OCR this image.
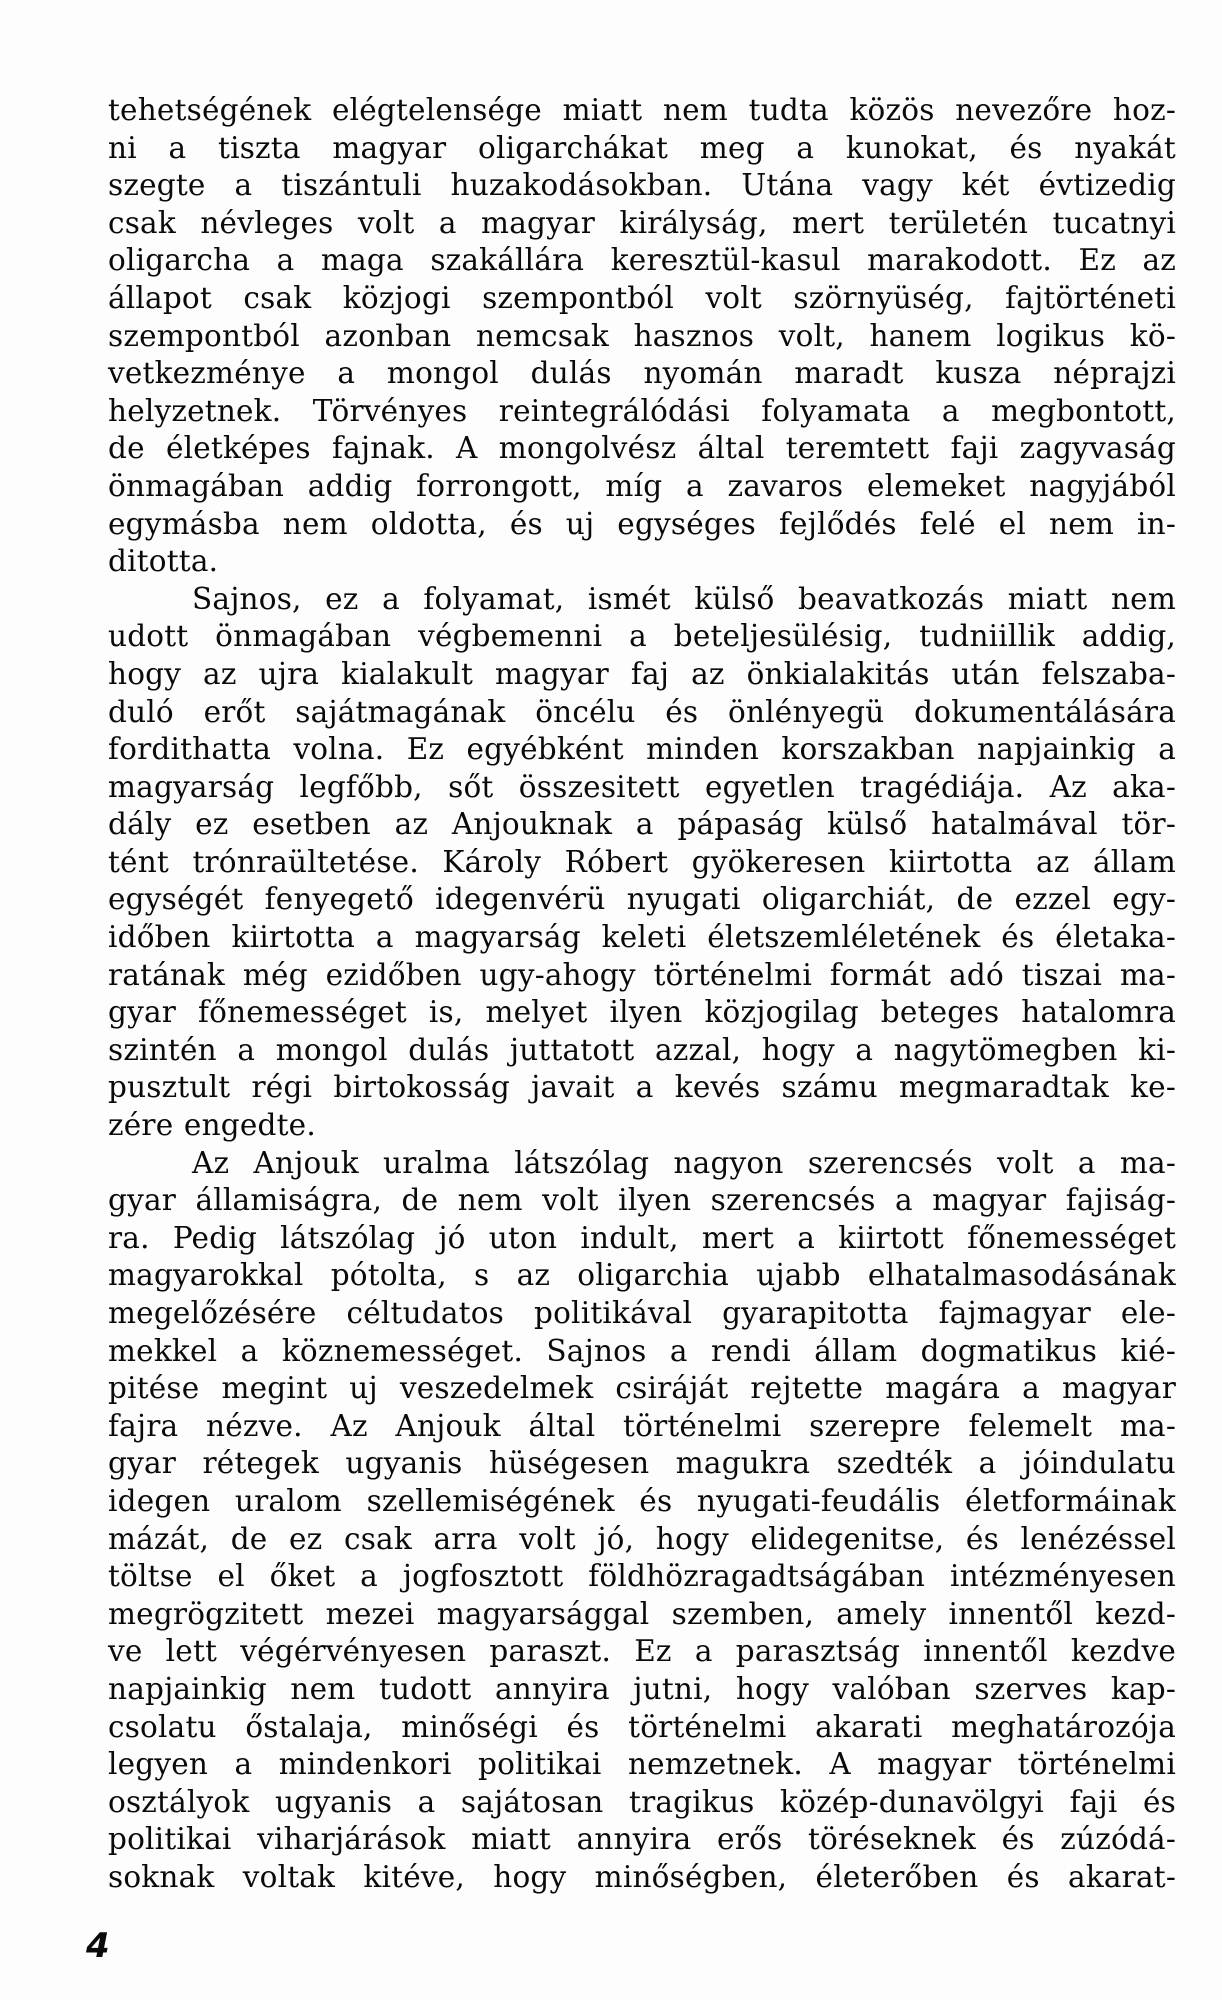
tehetségének elégtelensége miatt nem tudta közös nevezőre hoz-
ni a tiszta magyar oligarchákat meg a kunokat, és nyakát
szegte a tiszántuli huzakodásokban. Utána vagy két évtizedig
csak névleges volt a magyar királyság, mert területén tucatnyi
oligarcha a maga szakállára keresztül-kasul marakodott. Ez az
állapot csak közjogi szempontból volt szörnyüség, fajtörténeti
szempontból azonban nemcsak hasznos volt, hanem logikus kö-
vetkezménye a mongol dulás nyomán maradt kusza néprajzi
helyzetnek. Törvényes reintegrálódási folyamata a megbontott,
de életképes fajnak. A mongolvész által teremtett faji zagyvaság
önmagában addig forrongott, míg a zavaros elemeket nagyjából
egymásba nem oldotta, és uj egységes fejlődés felé el nem in-
ditotta.
Sajnos, ez a folyamat, ismét külső beavatkozás miatt nem
udott önmagában végbemenni a beteljesülésig, tudniillik addig,
hogy az ujra kialakult magyar faj az önkialakitás után felszaba-
duló erőt sajátmagának öncélu és önlényegü dokumentálására
fordithatta volna. Ez egyébként minden korszakban napjainkig a
magyarság legfőbb, sőt összesitett egyetlen tragédiája. Az aka-
dály ez esetben az Anjouknak a pápaság külső hatalmával tör-
tént trónraültetése. Károly Róbert gyökeresen kiirtotta az állam
egységét fenyegető idegenvérü nyugati oligarchiát, de ezzel egy-
időben kiirtotta a magyarság keleti életszemléletének és életaka-
ratának még ezidőben ugy-ahogy történelmi formát adó tiszai ma-
gyar főnemességet is, melyet ilyen közjogilag beteges hatalomra
szintén a mongol dulás juttatott azzal, hogy a nagytömegben ki-
pusztult régi birtokosság javait a kevés számu megmaradtak ke-
zére engedte.
Az Anjouk uralma látszólag nagyon szerencsés volt a ma-
gyar államiságra, de nem volt ilyen szerencsés a magyar fajiság-
ra. Pedig látszólag jó uton indult, mert a kiirtott főnemességet
magyarokkal pótolta, s az oligarchia ujabb elhatalmasodásának
megelőzésére céltudatos politikával gyarapitotta fajmagyar ele-
mekkel a köznemességet. Sajnos a rendi állam dogmatikus kié-
pitése megint uj veszedelmek csiráját rejtette magára a magyar
fajra nézve. Az Anjouk által történelmi szerepre felemelt ma-
gyar rétegek ugyanis hüségesen magukra szedték a jóindulatu
idegen uralom szellemiségének és nyugati-feudális életformáinak
mázát, de ez csak arra volt jó, hogy elidegenitse, és lenézéssel
töltse el őket a jogfosztott földhözragadtságában intézményesen
megrögzitett mezei magyarsággal szemben, amely innentől kezd-
ve lett végérvényesen paraszt. Ez a parasztság innentől kezdve
napjainkig nem tudott annyira jutni, hogy valóban szerves kap-
csolatu őstalaja, minőségi és történelmi akarati meghatározója
legyen a mindenkori politikai nemzetnek. A magyar történelmi
osztályok ugyanis a sajátosan tragikus közép-dunavölgyi faji és
politikai viharjárások miatt annyira erős töréseknek és zúzódá-
soknak voltak kitéve, hogy minőségben, életerőben és akarat-
4
